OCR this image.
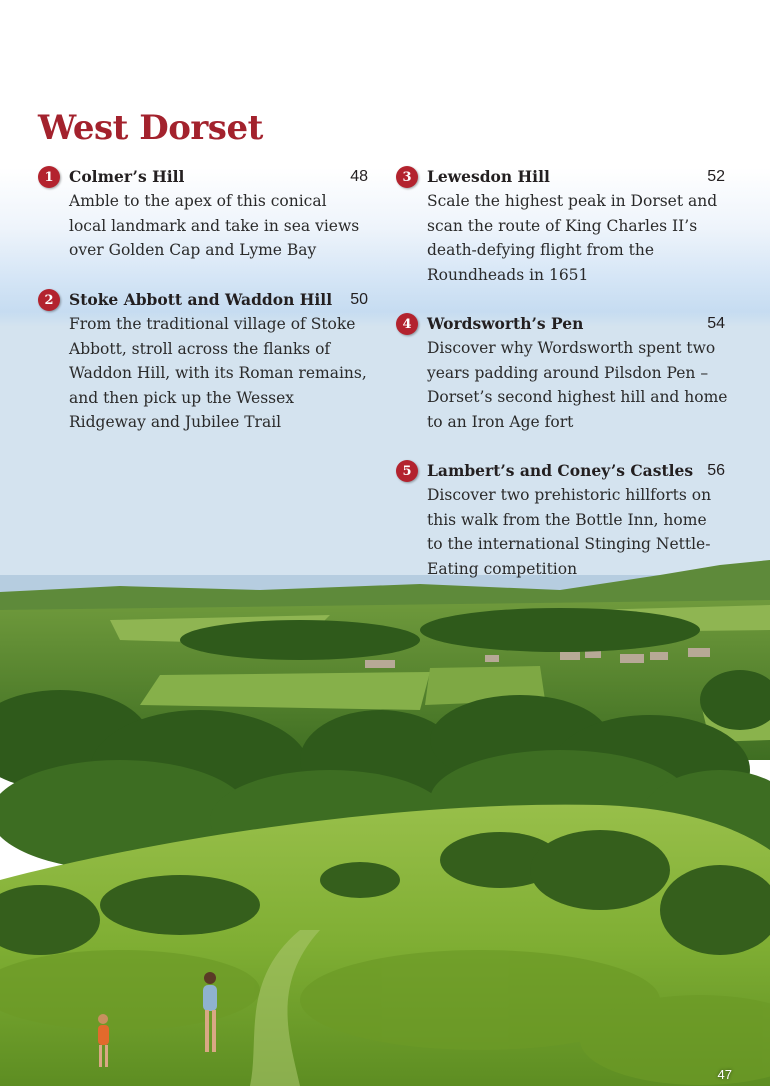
West Dorset
1 Colmer’s Hill	48

Amble to the apex of this conical local landmark and take in sea views over Golden Cap and Lyme Bay

2 Stoke Abbott and Waddon Hill 50

From the traditional village of Stoke Abbott, stroll across the flanks of Waddon Hill, with its Roman remains, and then pick up the Wessex Ridgeway and Jubilee Trail

3 Lewesdon Hill	52

Scale the highest peak in Dorset and scan the route of King Charles II’s death-defying flight from the Roundheads in 1651

4 Wordsworth’s Pen	54

Discover why Wordsworth spent two years padding around Pilsdon Pen – Dorset’s second highest hill and home to an Iron Age fort

5 Lambert’s and Coney’s Castles 56

Discover two prehistoric hillforts on this walk from the Bottle Inn, home to the international Stinging Nettle-Eating competition

47
